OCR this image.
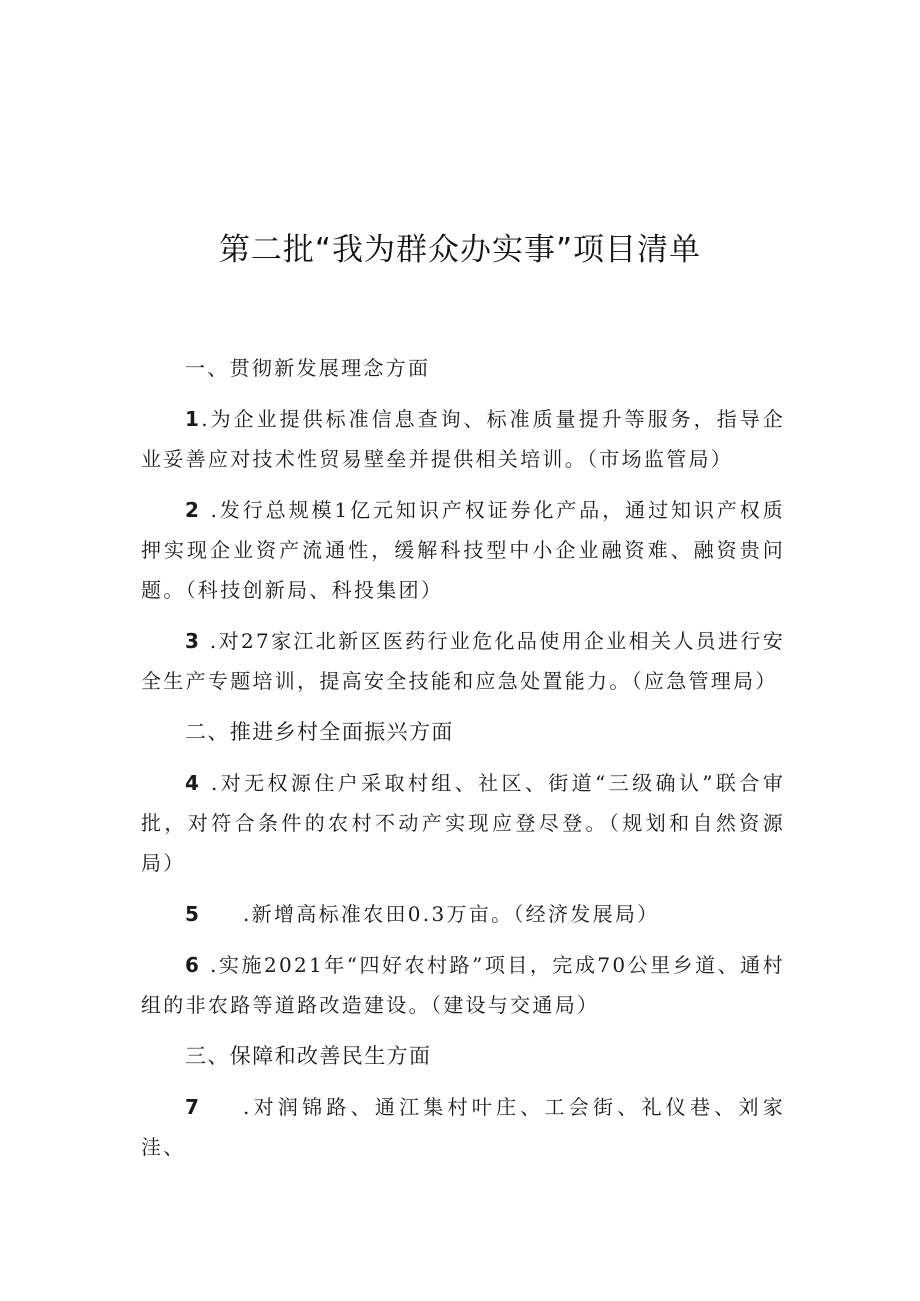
第二批“我为群众办实事”项目清单
一、贯彻新发展理念方面

1.为企业提供标准信息查询、标准质量提升等服务，指导企业妥善应对技术性贸易壁垒并提供相关培训。（市场监管局）

2 .发行总规模1亿元知识产权证券化产品，通过知识产权质押实现企业资产流通性，缓解科技型中小企业融资难、融资贵问题。（科技创新局、科投集团）

3 .对27家江北新区医药行业危化品使用企业相关人员进行安全生产专题培训，提高安全技能和应急处置能力。（应急管理局）

二、推进乡村全面振兴方面

4 .对无权源住户采取村组、社区、街道“三级确认”联合审批，对符合条件的农村不动产实现应登尽登。（规划和自然资源局）

5 .新增高标准农田0.3万亩。（经济发展局）

6 .实施2021年“四好农村路”项目，完成70公里乡道、通村组的非农路等道路改造建设。（建设与交通局）

三、保障和改善民生方面

7 .对润锦路、通江集村叶庄、工会街、礼仪巷、刘家洼、
